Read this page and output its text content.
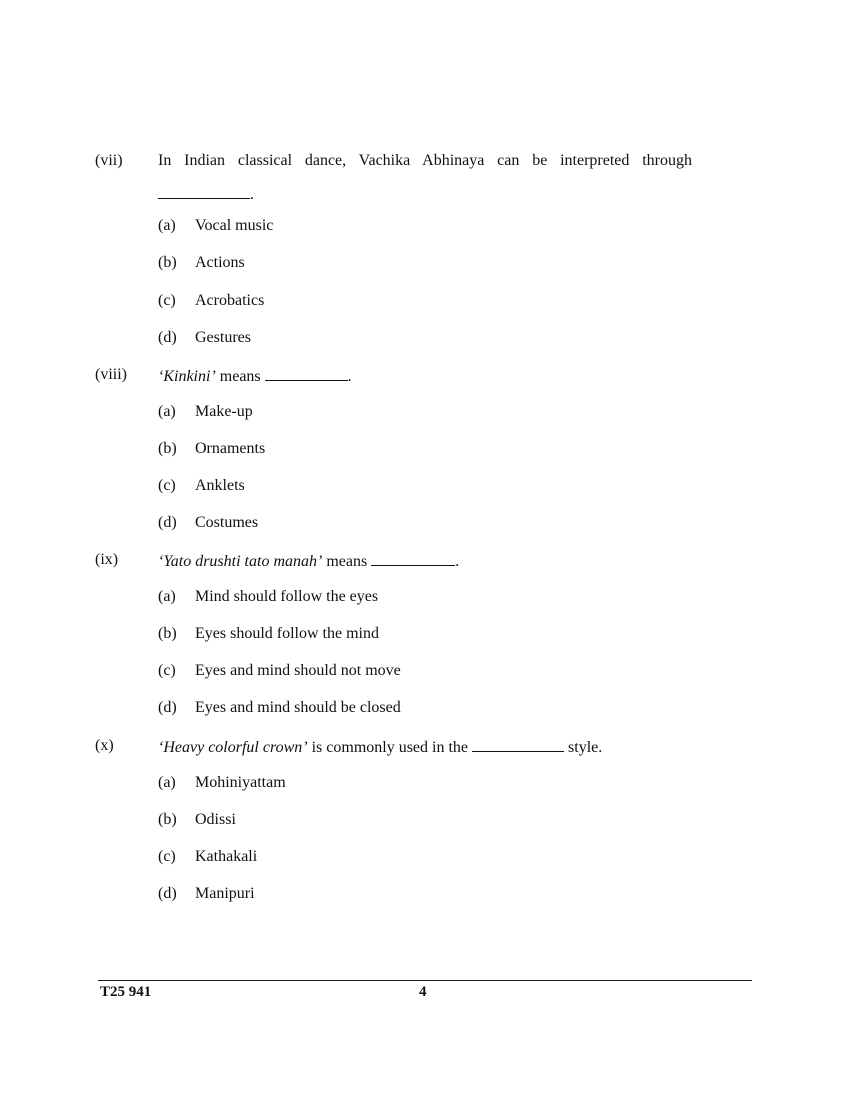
(vii) In Indian classical dance, Vachika Abhinaya can be interpreted through
.
(a) Vocal music
(b) Actions
(c) Acrobatics
(d) Gestures
(viii) ‘Kinkini’ means	.
(a) Make-up
(b) Ornaments
(c) Anklets
(d) Costumes
(ix) ‘Yato drushti tato manah’ means	.
(a) Mind should follow the eyes
(b) Eyes should follow the mind
(c) Eyes and mind should not move
(d) Eyes and mind should be closed
(x)	‘Heavy colorful crown’ is commonly used in the	style.
(a) Mohiniyattam
(b) Odissi
(c) Kathakali
(d) Manipuri
T25 941	4
